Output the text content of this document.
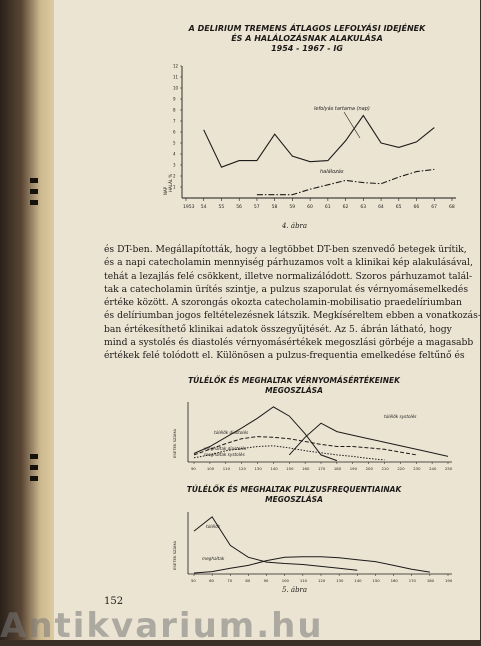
A DELIRIUM TREMENS ÁTLAGOS LEFOLYÁSI IDEJÉNEK
ÉS A HALÁLOZÁSNAK ALAKULÁSA
1954 - 1967 - IG
1953 54	55	56	57	58	59	60	61	62	63	64	65	66	67	68
1
2
3
4
5
6
7
8
9
10
11
12
HALÁL %
NAP
lefolyás tartama (nap)
halálozás
4. ábra
és DT-ben. Megállapították, hogy a legtöbbet DT-ben szenvedő betegek ürítik,
és a napi catecholamin mennyiség párhuzamos volt a klinikai kép alakulásával,
tehát a lezajlás felé csökkent, illetve normalizálódott. Szoros párhuzamot talál-
tak a catecholamin ürítés szintje, a pulzus szaporulat és vérnyomásemelkedés
értéke között. A szorongás okozta catecholamin-mobilisatio praedelíriumban
és delíriumban jogos feltételezésnek látszik. Megkíséreltem ebben a vonatkozás-
ban értékesíthető klinikai adatok összegyűjtését. Az 5. ábrán látható, hogy
mind a systolés és diastolés vérnyomásértékek megoszlási görbéje a magasabb
értékek felé tolódott el. Különösen a pulzus-frequentia emelkedése feltűnő és
TÚLÉLŐK ÉS MEGHALTAK VÉRNYOMÁSÉRTÉKEINEK
MEGOSZLÁSA
90	100 110 120 130 140 150 160 170 180 190 200 210 220 230 240 250
ESETEK SZÁMA
túlélők systolés
túlélők diastolés
meghaltak diastolés
meghaltak systolés
TÚLÉLŐK ÉS MEGHALTAK PULZUSFREQUENTIAINAK
MEGOSZLÁSA
50	60	70	80	90	100	110	120	130	140	150	160	170	180	190
ESETEK SZÁMA
túlélők
meghaltak
5. ábra
152
Antikvarium.hu
